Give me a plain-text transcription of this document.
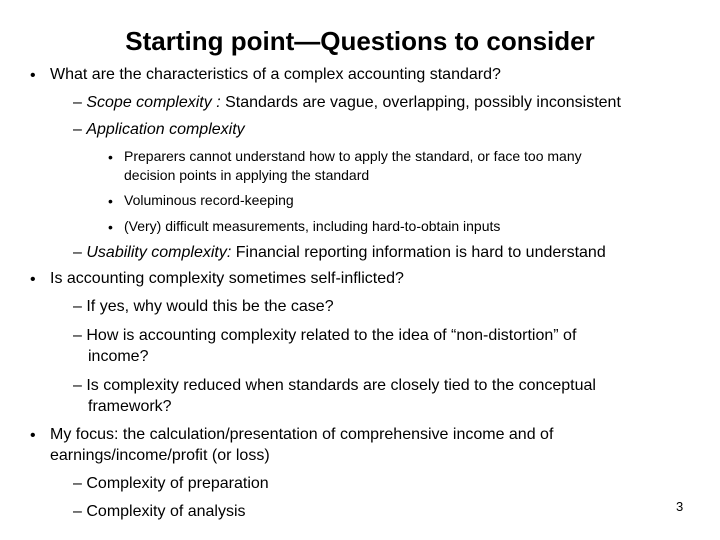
Starting point—Questions to consider
• What are the characteristics of a complex accounting standard?
– Scope complexity : Standards are vague, overlapping, possibly inconsistent
– Application complexity
• Preparers cannot understand how to apply the standard, or face too many
decision points in applying the standard
• Voluminous record-keeping
• (Very) difficult measurements, including hard-to-obtain inputs
– Usability complexity: Financial reporting information is hard to understand
• Is accounting complexity sometimes self-inflicted?
– If yes, why would this be the case?
– How is accounting complexity related to the idea of “non-distortion” of
income?
– Is complexity reduced when standards are closely tied to the conceptual
framework?
• My focus: the calculation/presentation of comprehensive income and of
earnings/income/profit (or loss)
– Complexity of preparation
– Complexity of analysis	3
